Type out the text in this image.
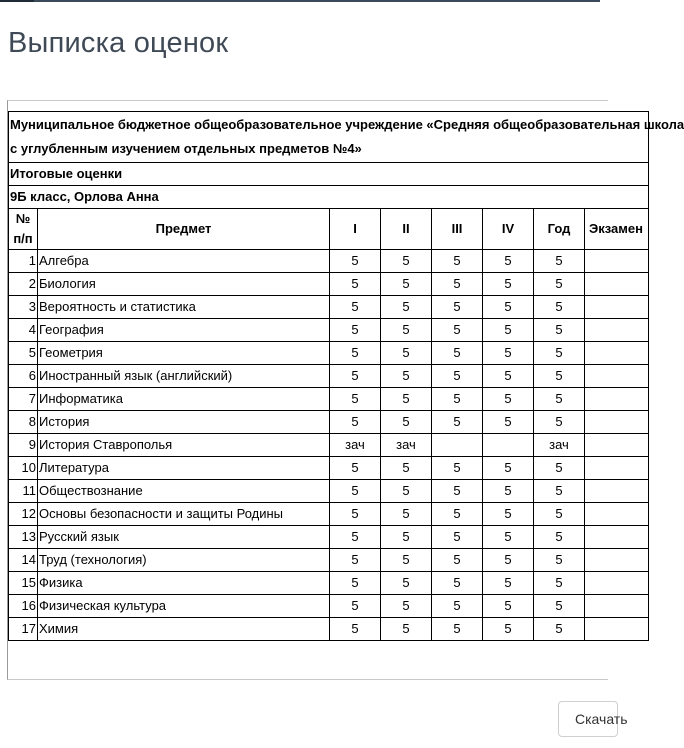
Выписка оценок
Муниципальное бюджетное общеобразовательное учреждение «Средняя общеобразовательная школа
с углубленным изучением отдельных предметов №4»							

Итоговые оценки							
9Б класс, Орлова Анна							

№
п/п	Предмет	I	II	III	IV	Год	Экзамен
1	Алгебра	5	5	5	5	5	
2	Биология	5	5	5	5	5	
3	Вероятность и статистика	5	5	5	5	5	
4	География	5	5	5	5	5	
5	Геометрия	5	5	5	5	5	
6	Иностранный язык (английский)	5	5	5	5	5	
7	Информатика	5	5	5	5	5	
8	История	5	5	5	5	5	
9	История Ставрополья	зач	зач			зач	
10	Литература	5	5	5	5	5	
11	Обществознание	5	5	5	5	5	
12	Основы безопасности и защиты Родины	5	5	5	5	5	
13	Русский язык	5	5	5	5	5	
14	Труд (технология)	5	5	5	5	5	
15	Физика	5	5	5	5	5	
16	Физическая культура	5	5	5	5	5	
17	Химия	5	5	5	5	5	
Скачать
